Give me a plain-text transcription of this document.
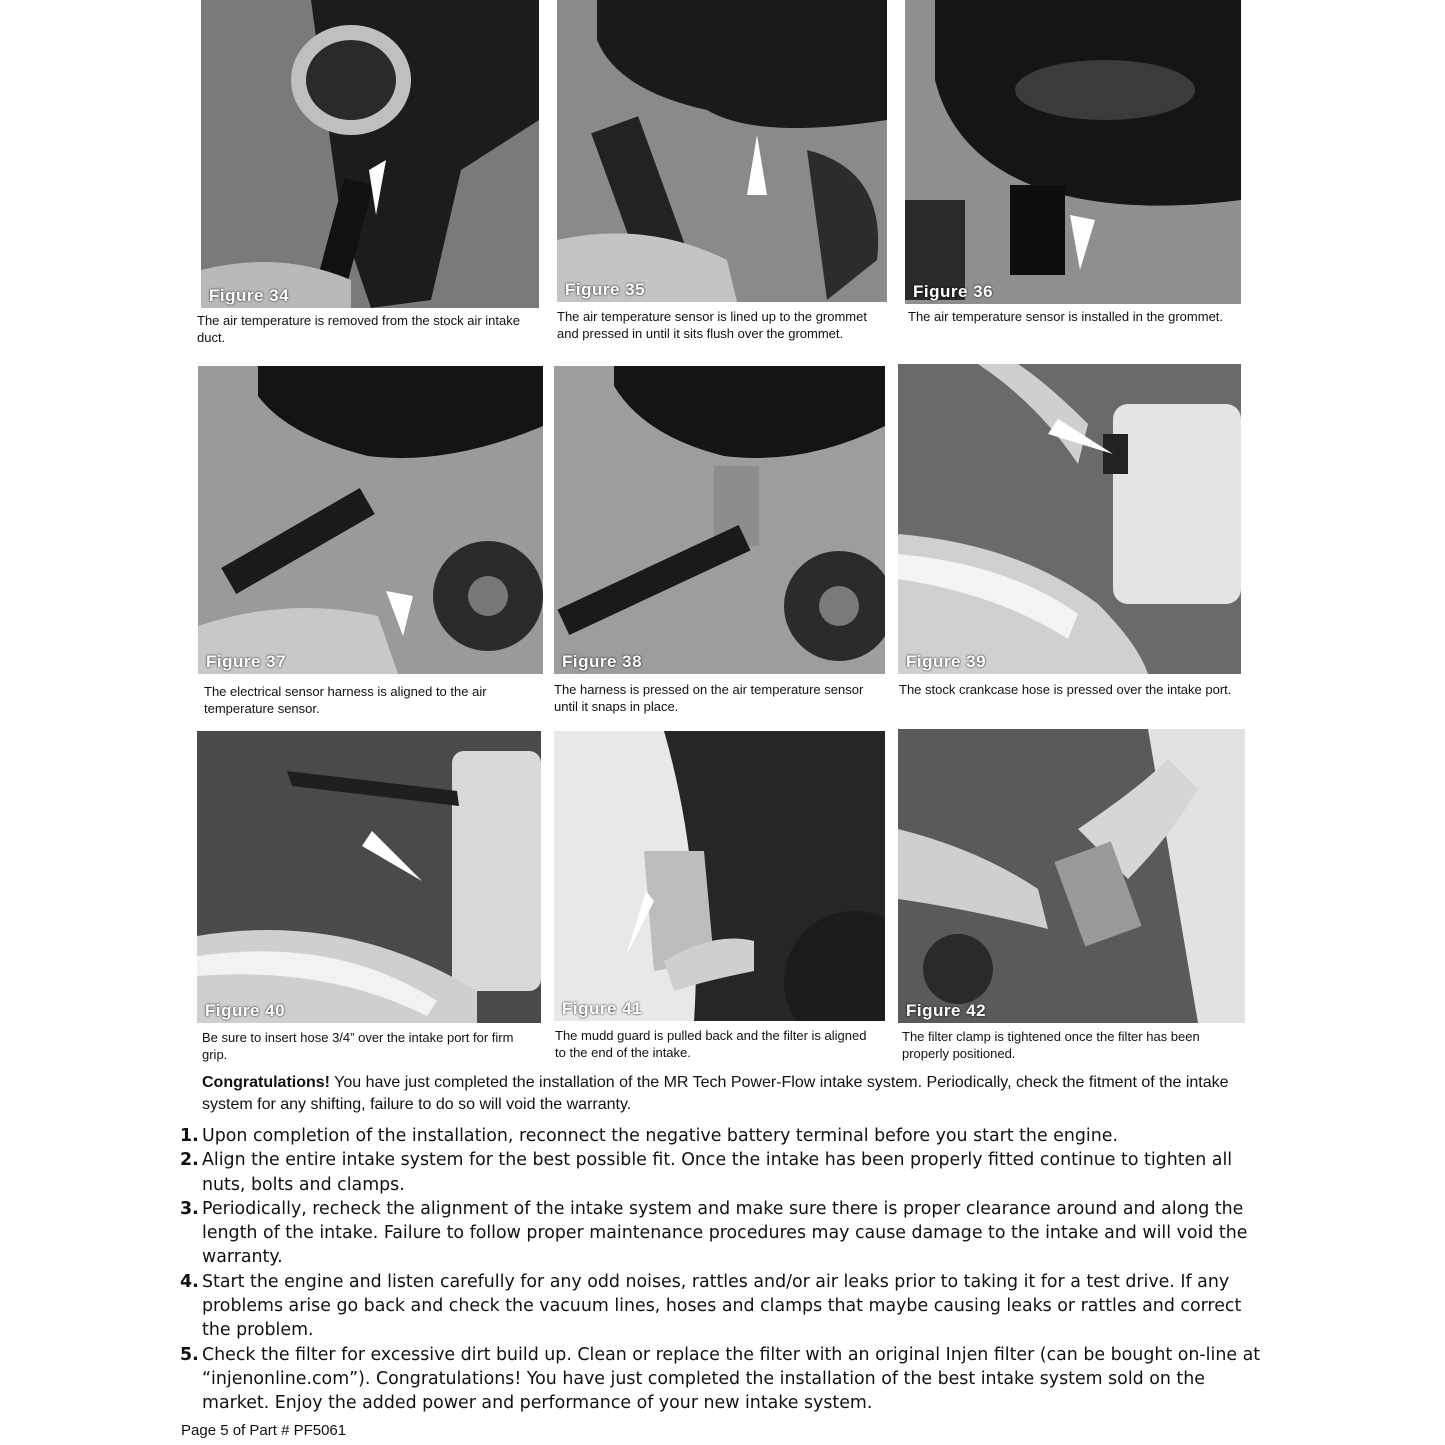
Figure 34
The air temperature is removed from the stock air intake duct.
Figure 35
The air temperature sensor is lined up to the grommet and pressed in until it sits flush over the grommet.
Figure 36
The air temperature sensor is installed in the grommet.
Figure 37
The electrical sensor harness is aligned to the air temperature sensor.
Figure 38
The harness is pressed on the air temperature sensor until it snaps in place.
Figure 39
The stock crankcase hose is pressed over the intake port.
Figure 40
Be sure to insert hose 3/4” over the intake port for firm grip.
Figure 41
The mudd guard is pulled back and the filter is aligned to the end of the intake.
Figure 42
The filter clamp is tightened once the filter has been properly positioned.
Congratulations! You have just completed the installation of the MR Tech Power-Flow intake system. Periodically, check the fitment of the intake system for any shifting, failure to do so will void the warranty.
1. Upon completion of the installation, reconnect the negative battery terminal before you start the engine.
2. Align the entire intake system for the best possible fit. Once the intake has been properly fitted continue to tighten all nuts, bolts and clamps.
3. Periodically, recheck the alignment of the intake system and make sure there is proper clearance around and along the length of the intake. Failure to follow proper maintenance procedures may cause damage to the intake and will void the warranty.
4. Start the engine and listen carefully for any odd noises, rattles and/or air leaks prior to taking it for a test drive. If any problems arise go back and check the vacuum lines, hoses and clamps that maybe causing leaks or rattles and correct the problem.
5. Check the filter for excessive dirt build up. Clean or replace the filter with an original Injen filter (can be bought on-line at “injenonline.com”). Congratulations! You have just completed the installation of the best intake system sold on the market. Enjoy the added power and performance of your new intake system.
Page 5 of Part # PF5061
